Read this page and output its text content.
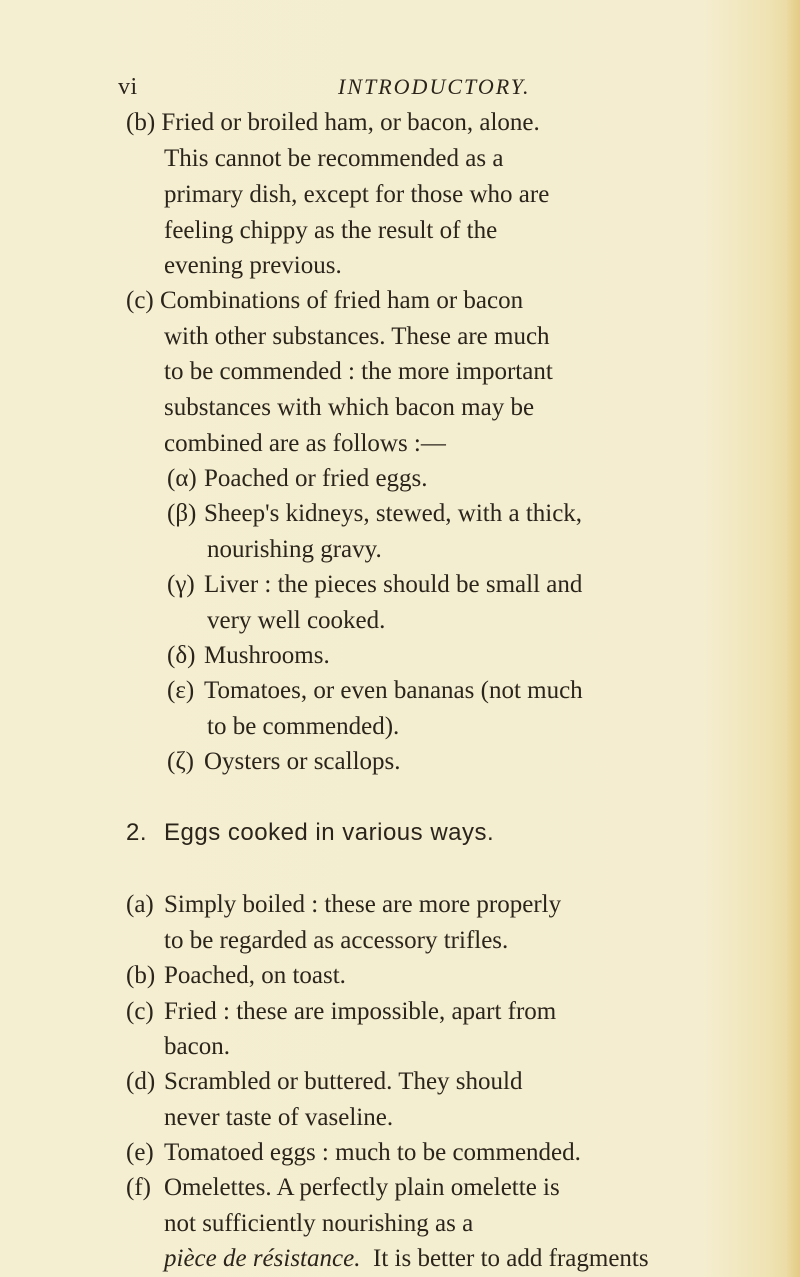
vi	INTRODUCTORY.
(b) Fried or broiled ham, or bacon, alone.
This cannot be recommended as a
primary dish, except for those who are
feeling chippy as the result of the
evening previous.
(c) Combinations of fried ham or bacon
with other substances. These are much
to be commended : the more important
substances with which bacon may be
combined are as follows :—
(α) Poached or fried eggs.
(β) Sheep's kidneys, stewed, with a thick,
nourishing gravy.
(γ) Liver : the pieces should be small and
very well cooked.
(δ) Mushrooms.
(ε) Tomatoes, or even bananas (not much
to be commended).
(ζ) Oysters or scallops.
2. Eggs cooked in various ways.
(a) Simply boiled : these are more properly
to be regarded as accessory trifles.
(b) Poached, on toast.
(c) Fried : these are impossible, apart from
bacon.
(d) Scrambled or buttered. They should
never taste of vaseline.
(e) Tomatoed eggs : much to be commended.
(f) Omelettes. A perfectly plain omelette is
not sufficiently nourishing as a
pièce de résistance. It is better to add fragments
